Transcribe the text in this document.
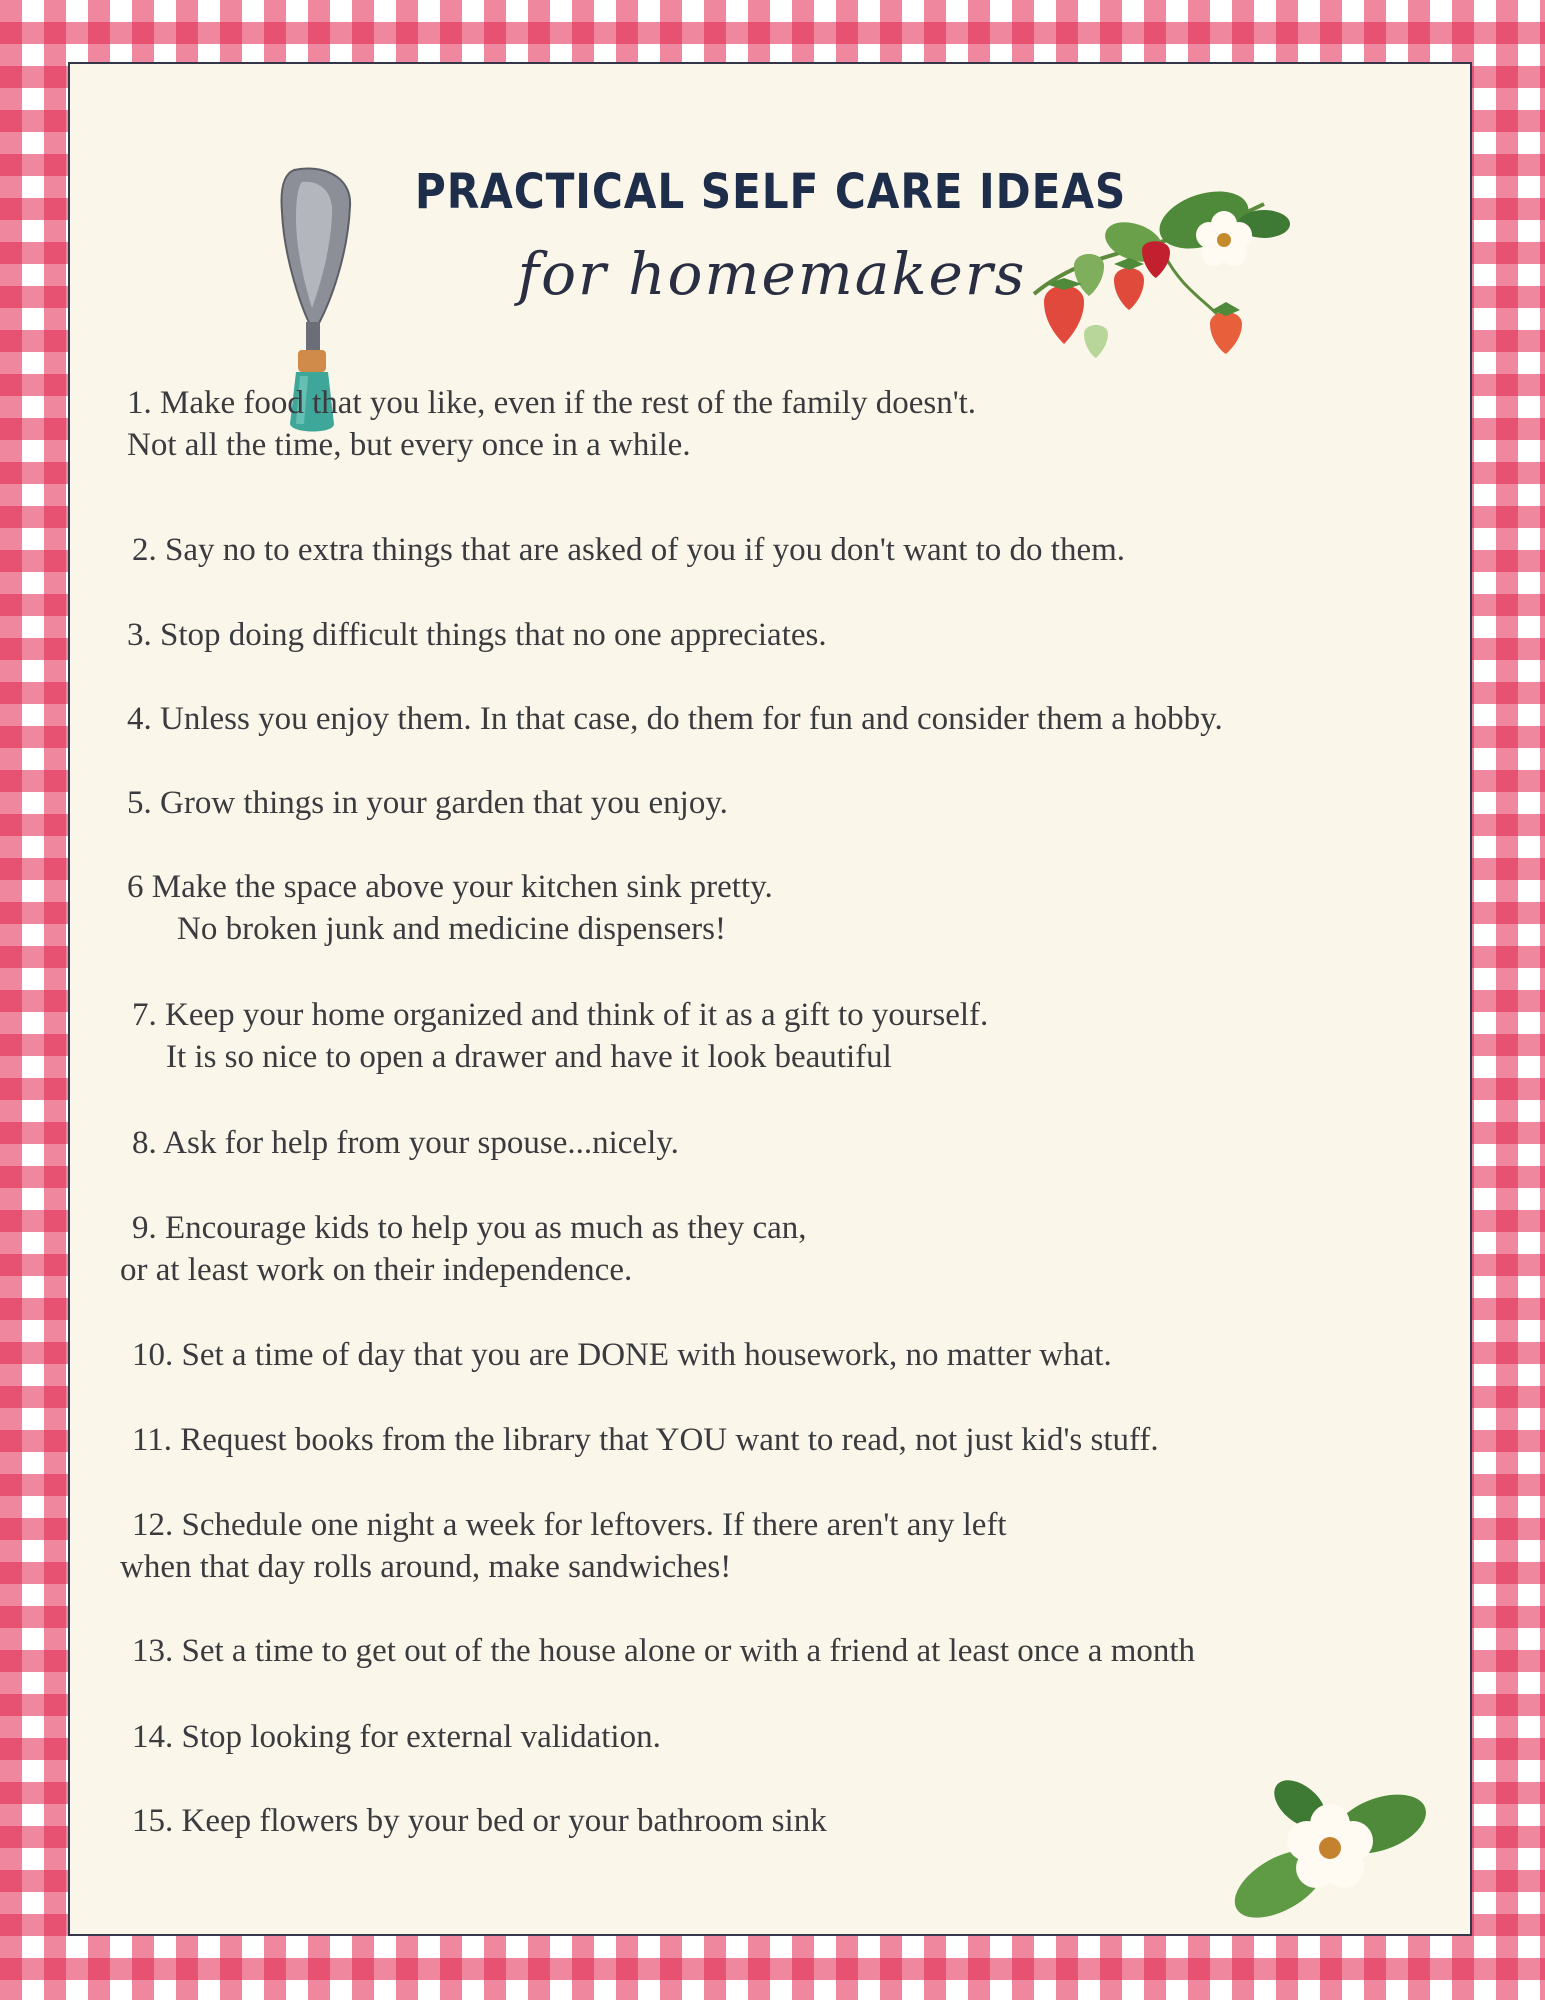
PRACTICAL SELF CARE IDEAS
for homemakers
1. Make food that you like, even if the rest of the family doesn't.
Not all the time, but every once in a while.
2. Say no to extra things that are asked of you if you don't want to do them.
3. Stop doing difficult things that no one appreciates.
4. Unless you enjoy them. In that case, do them for fun and consider them a hobby.
5. Grow things in your garden that you enjoy.
6 Make the space above your kitchen sink pretty.
No broken junk and medicine dispensers!
7. Keep your home organized and think of it as a gift to yourself.
It is so nice to open a drawer and have it look beautiful
8. Ask for help from your spouse...nicely.
9. Encourage kids to help you as much as they can,
or at least work on their independence.
10. Set a time of day that you are DONE with housework, no matter what.
11. Request books from the library that YOU want to read, not just kid's stuff.
12. Schedule one night a week for leftovers. If there aren't any left
when that day rolls around, make sandwiches!
13. Set a time to get out of the house alone or with a friend at least once a month
14. Stop looking for external validation.
15. Keep flowers by your bed or your bathroom sink
